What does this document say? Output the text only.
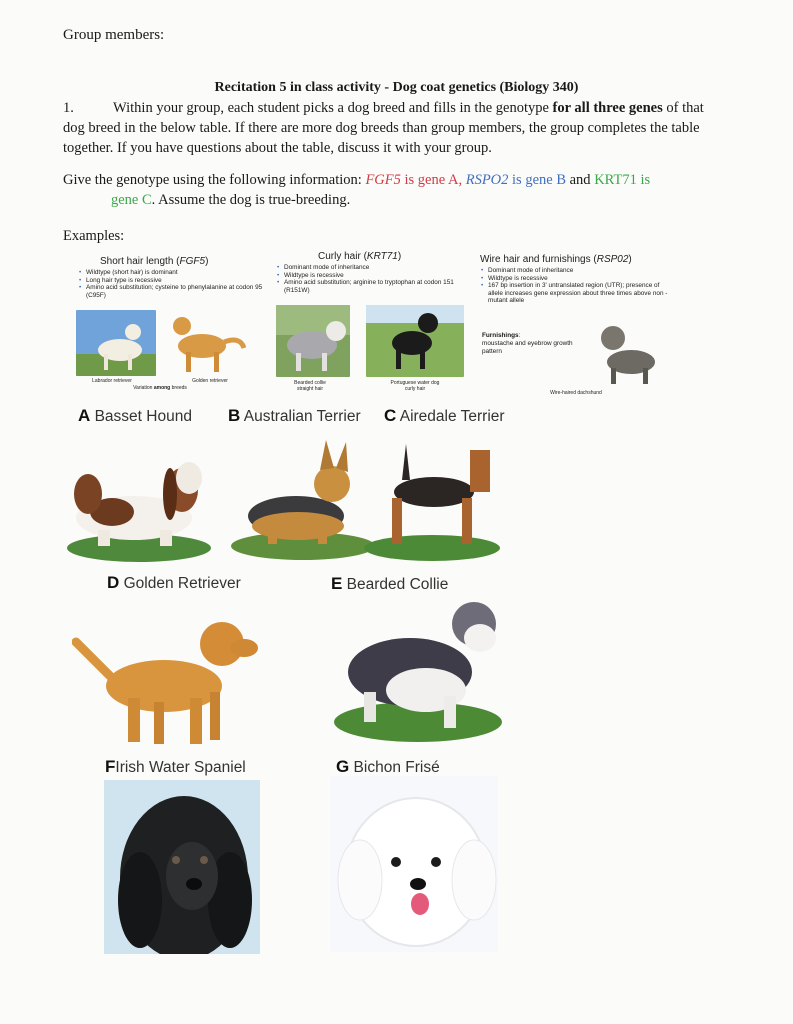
Group members:
Recitation 5 in class activity - Dog coat genetics (Biology 340)
1.	Within your group, each student picks a dog breed and fills in the genotype for all three genes of that dog breed in the below table. If there are more dog breeds than group members, the group completes the table together. If you have questions about the table, discuss it with your group.
Give the genotype using the following information: FGF5 is gene A, RSPO2 is gene B and KRT71 is
gene C. Assume the dog is true-breeding.
Examples:
Short hair length (FGF5)
• Wildtype (short hair) is dominant
• Long hair type is recessive
• Amino acid substitution; cysteine to phenylalanine at codon 95 (C95F)
Labrador retriever	Golden retriever
Variation among breeds
Curly hair (KRT71)
• Dominant mode of inheritance
• Wildtype is recessive
• Amino acid substitution; arginine to tryptophan at codon 151 (R151W)
Bearded collie
straight hair
Portuguese water dog
curly hair
Wire hair and furnishings (RSP02)
• Dominant mode of inheritance
• Wildtype is recessive
• 167 bp insertion in 3' untranslated region (UTR); presence of allele increases gene expression about three times above non -mutant allele
Furnishings:
moustache and eyebrow growth pattern
Wire-haired dachshund
A Basset Hound B Australian Terrier C Airedale Terrier
D Golden Retriever	E Bearded Collie
FIrish Water Spaniel	G Bichon Frisé
